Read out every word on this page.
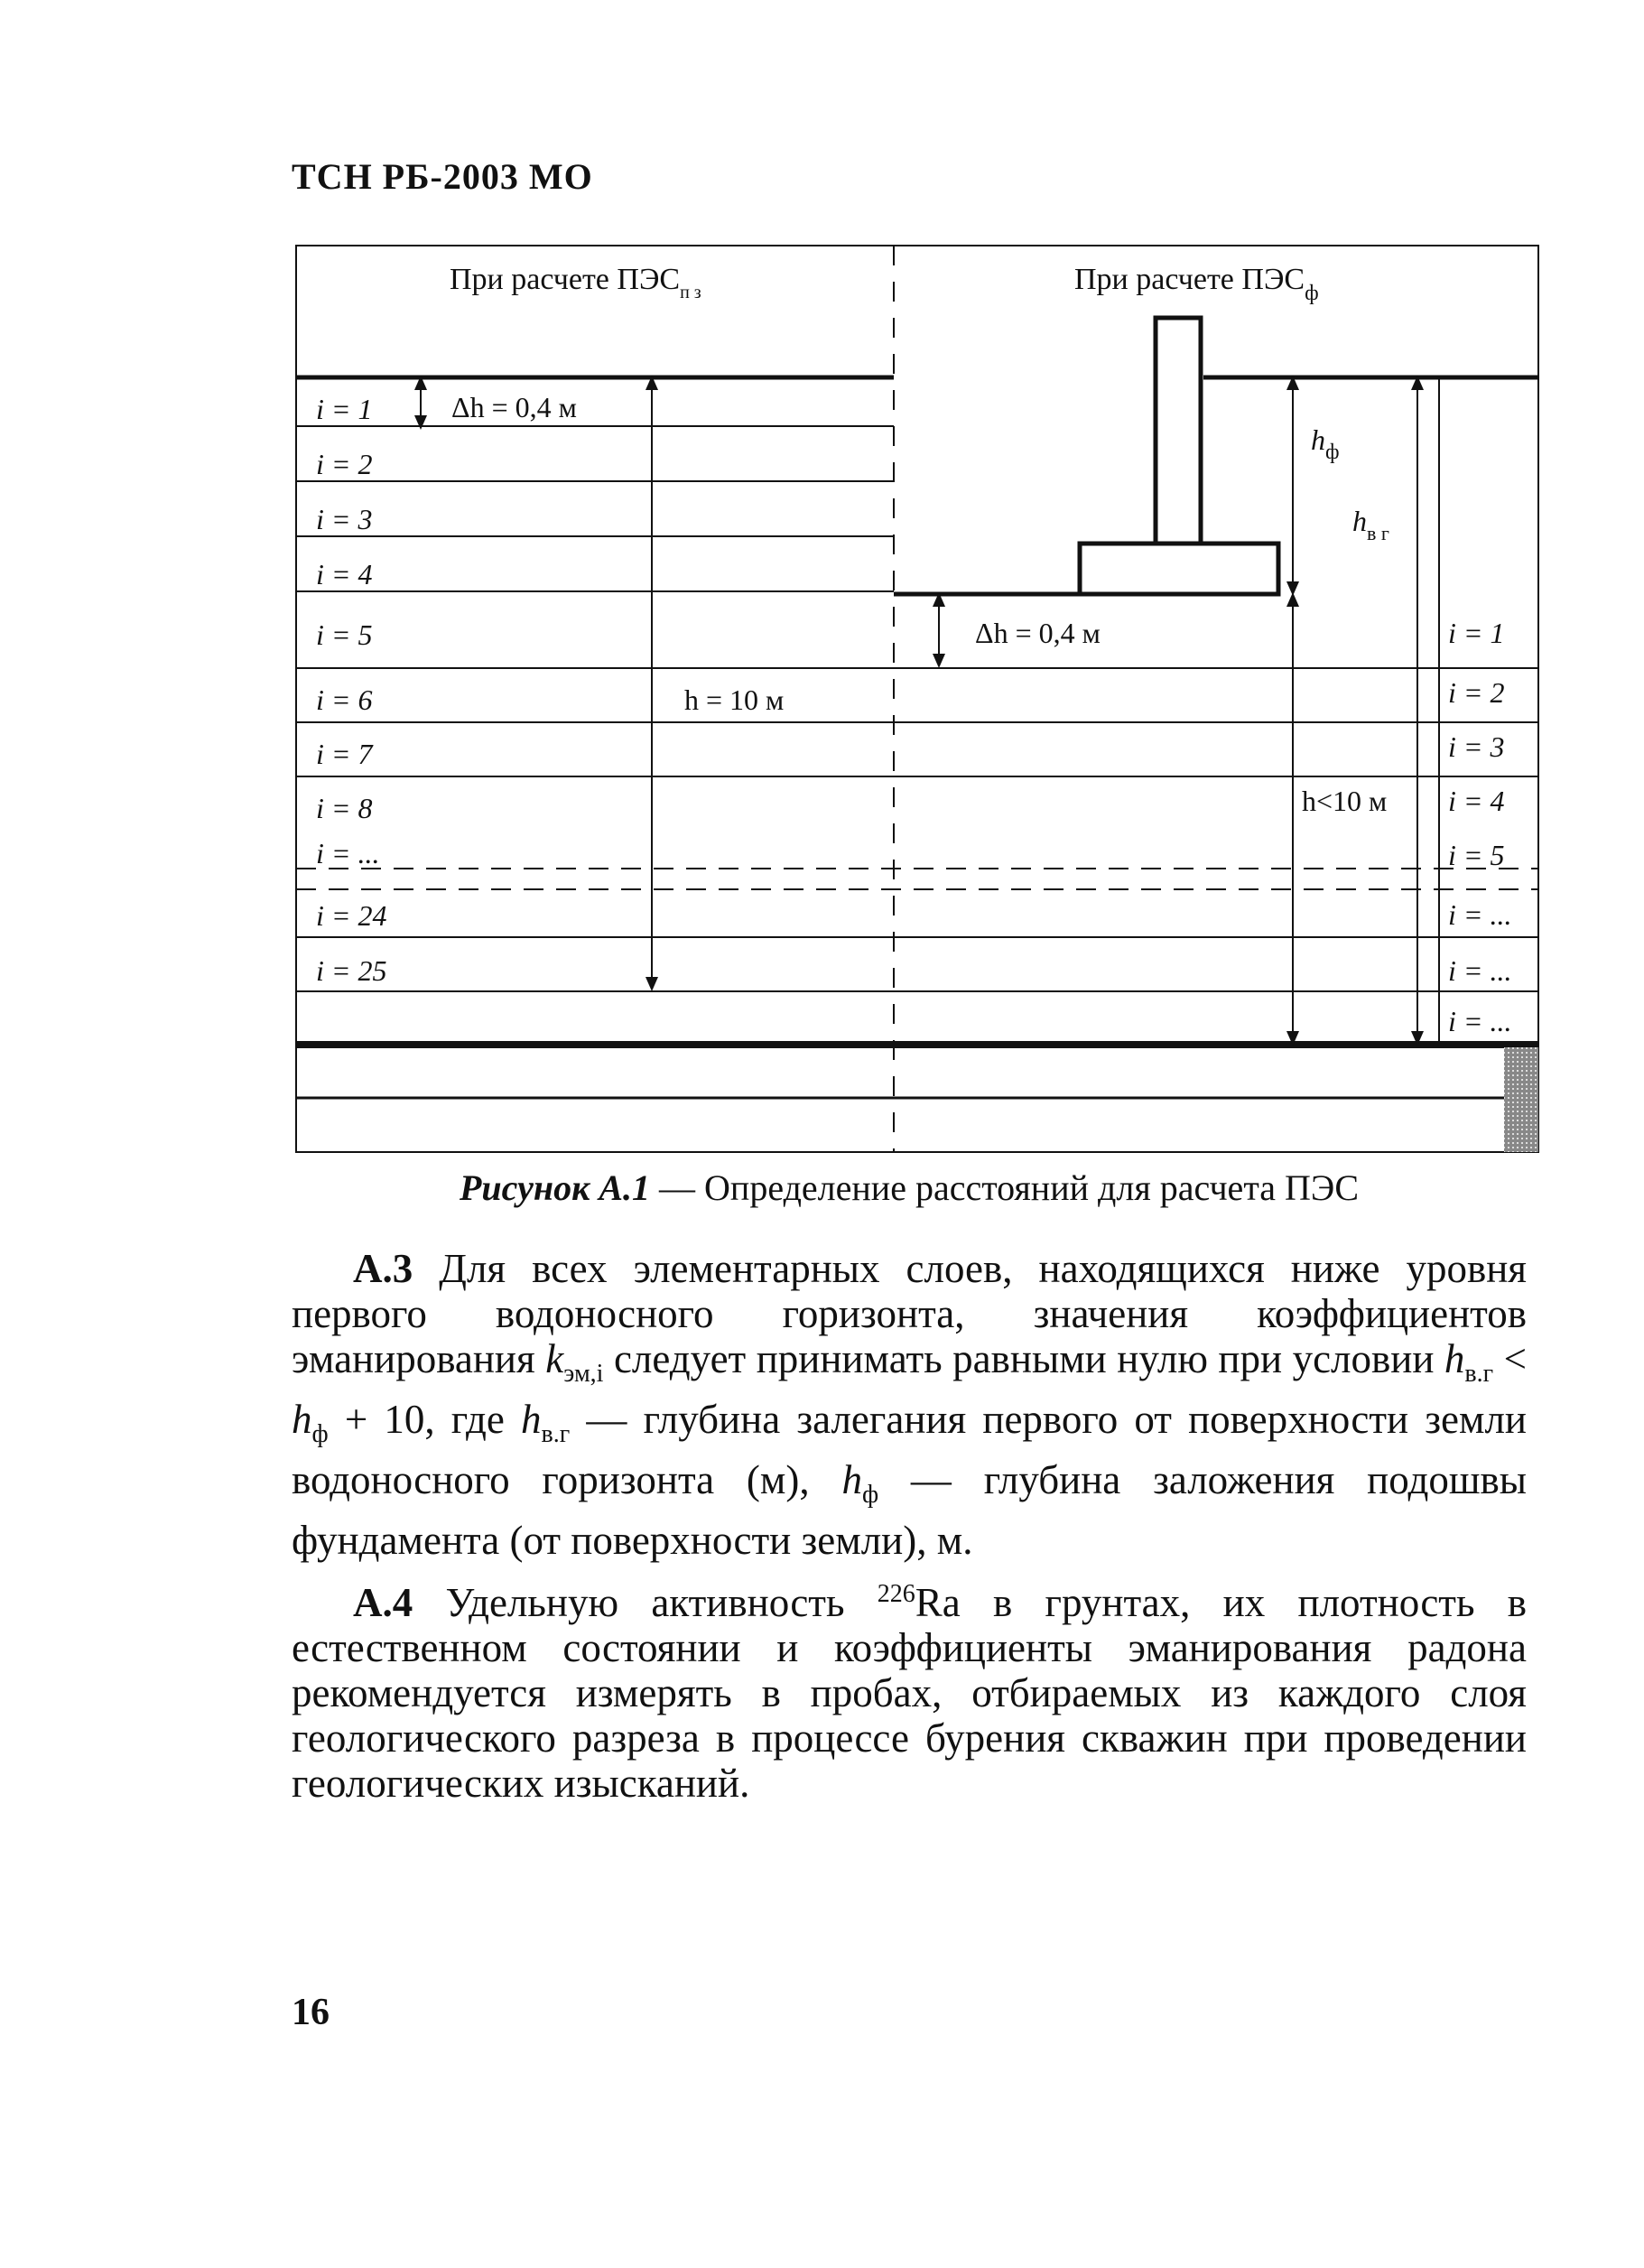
ТСН РБ-2003 МО
При расчете $ПЭС_{п з}$	При расчете $ПЭС_ф$
i = 1
i = 2
i = 3
i = 4
i = 5
i = 6
i = 7
i = 8
i = ...
i = 24
i = 25
i = 1
i = 2
i = 3
i = 4
i = 5
i = ...
i = ...
i = ...
Δh = 0,4 м
h = 10 м
Δh = 0,4 м
$h_ф$
$h_{в г}$
h<10 м
Рисунок А.1 — Определение расстояний для расчета ПЭС

А.3 Для всех элементарных слоев, находящихся ниже уровня первого водоносного горизонта, значения коэффициентов эманирования $k_{эм,i}$ следует принимать равными нулю при условии $h_{в.г} < h_ф + 10$, где $h_{в.г}$ — глубина залегания первого от поверхности земли водоносного горизонта (м), $h_ф$ — глубина заложения подошвы фундамента (от поверхности земли), м.

А.4 Удельную активность $^{226}$Ra в грунтах, их плотность в естественном состоянии и коэффициенты эманирования радона рекомендуется измерять в пробах, отбираемых из каждого слоя геологического разреза в процессе бурения скважин при проведении геологических изысканий.

16
